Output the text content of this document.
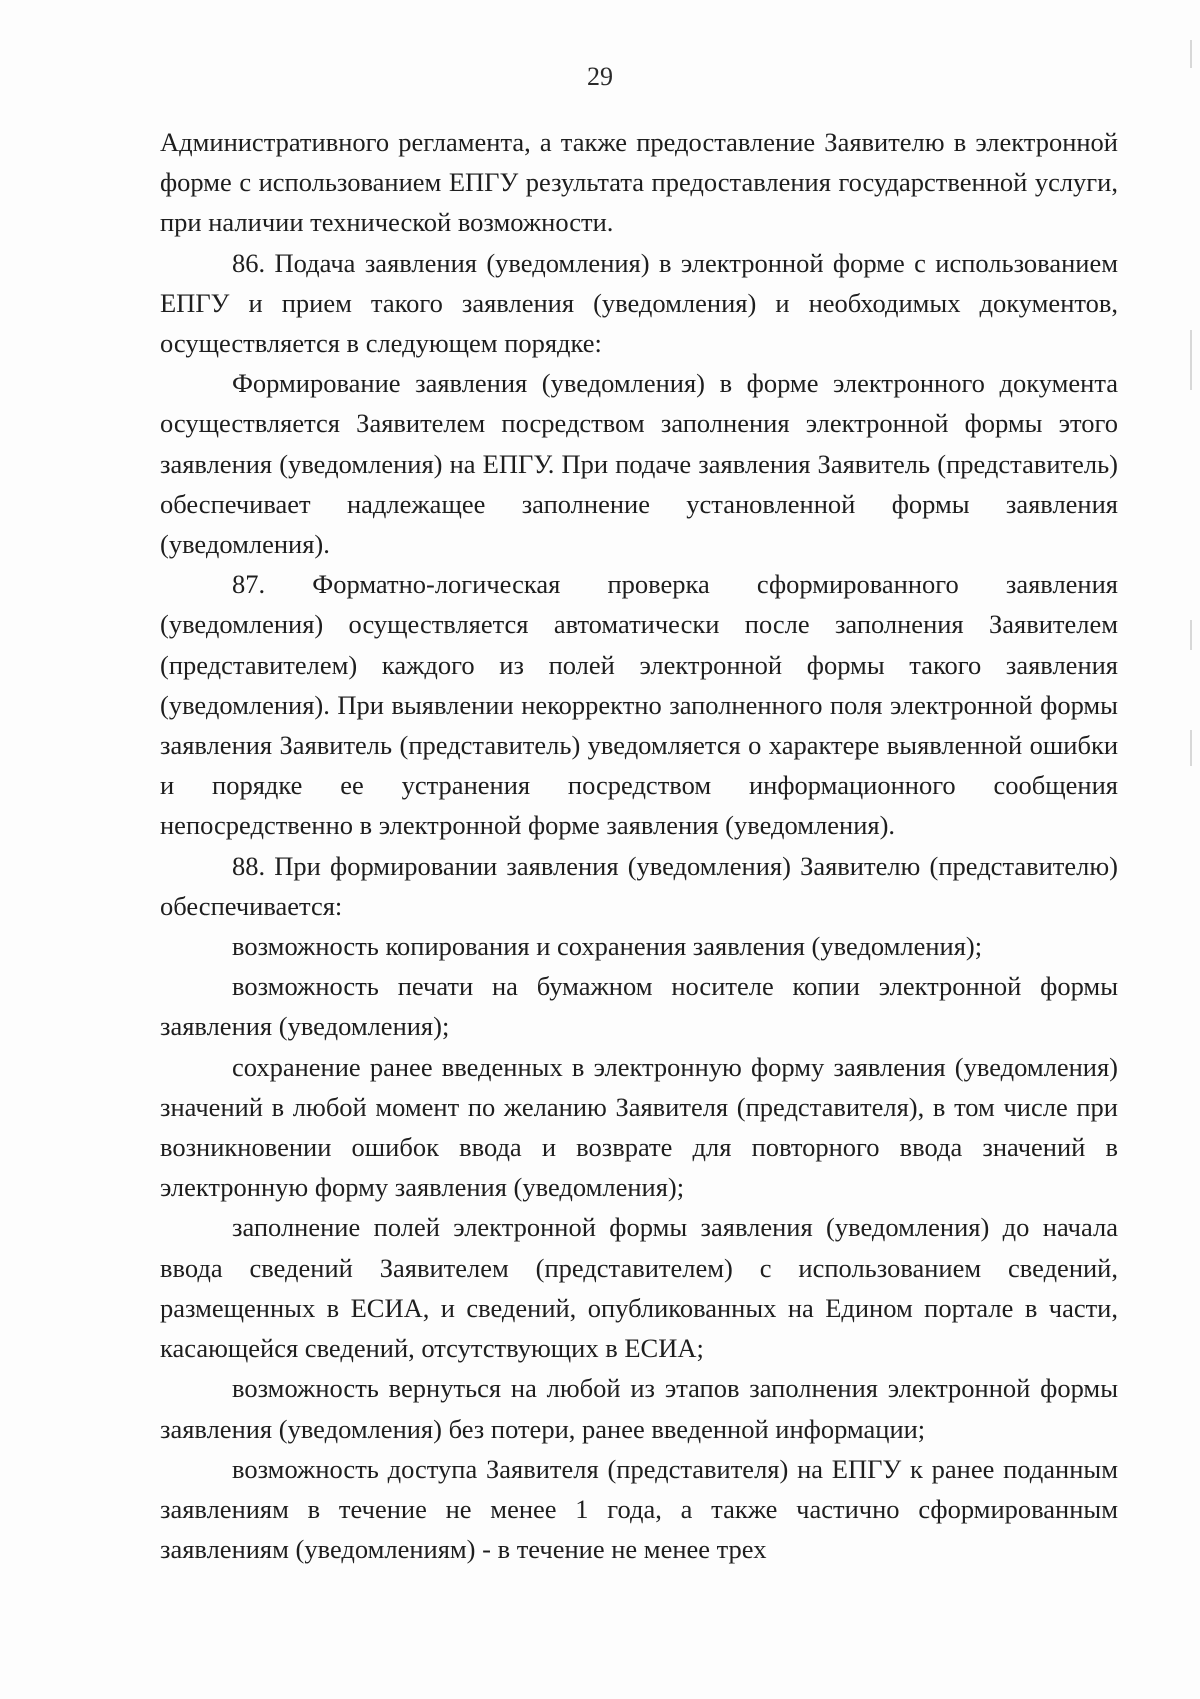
29

Административного регламента, а также предоставление Заявителю в электронной форме с использованием ЕПГУ результата предоставления государственной услуги, при наличии технической возможности.

86. Подача заявления (уведомления) в электронной форме с использованием ЕПГУ и прием такого заявления (уведомления) и необходимых документов, осуществляется в следующем порядке:

Формирование заявления (уведомления) в форме электронного документа осуществляется Заявителем посредством заполнения электронной формы этого заявления (уведомления) на ЕПГУ. При подаче заявления Заявитель (представитель) обеспечивает надлежащее заполнение установленной формы заявления (уведомления).

87. Форматно-логическая проверка сформированного заявления (уведомления) осуществляется автоматически после заполнения Заявителем (представителем) каждого из полей электронной формы такого заявления (уведомления). При выявлении некорректно заполненного поля электронной формы заявления Заявитель (представитель) уведомляется о характере выявленной ошибки и порядке ее устранения посредством информационного сообщения непосредственно в электронной форме заявления (уведомления).

88. При формировании заявления (уведомления) Заявителю (представителю) обеспечивается:

возможность копирования и сохранения заявления (уведомления);

возможность печати на бумажном носителе копии электронной формы заявления (уведомления);

сохранение ранее введенных в электронную форму заявления (уведомления) значений в любой момент по желанию Заявителя (представителя), в том числе при возникновении ошибок ввода и возврате для повторного ввода значений в электронную форму заявления (уведомления);

заполнение полей электронной формы заявления (уведомления) до начала ввода сведений Заявителем (представителем) с использованием сведений, размещенных в ЕСИА, и сведений, опубликованных на Едином портале в части, касающейся сведений, отсутствующих в ЕСИА;

возможность вернуться на любой из этапов заполнения электронной формы заявления (уведомления) без потери, ранее введенной информации;

возможность доступа Заявителя (представителя) на ЕПГУ к ранее поданным заявлениям в течение не менее 1 года, а также частично сформированным заявлениям (уведомлениям) - в течение не менее трех
